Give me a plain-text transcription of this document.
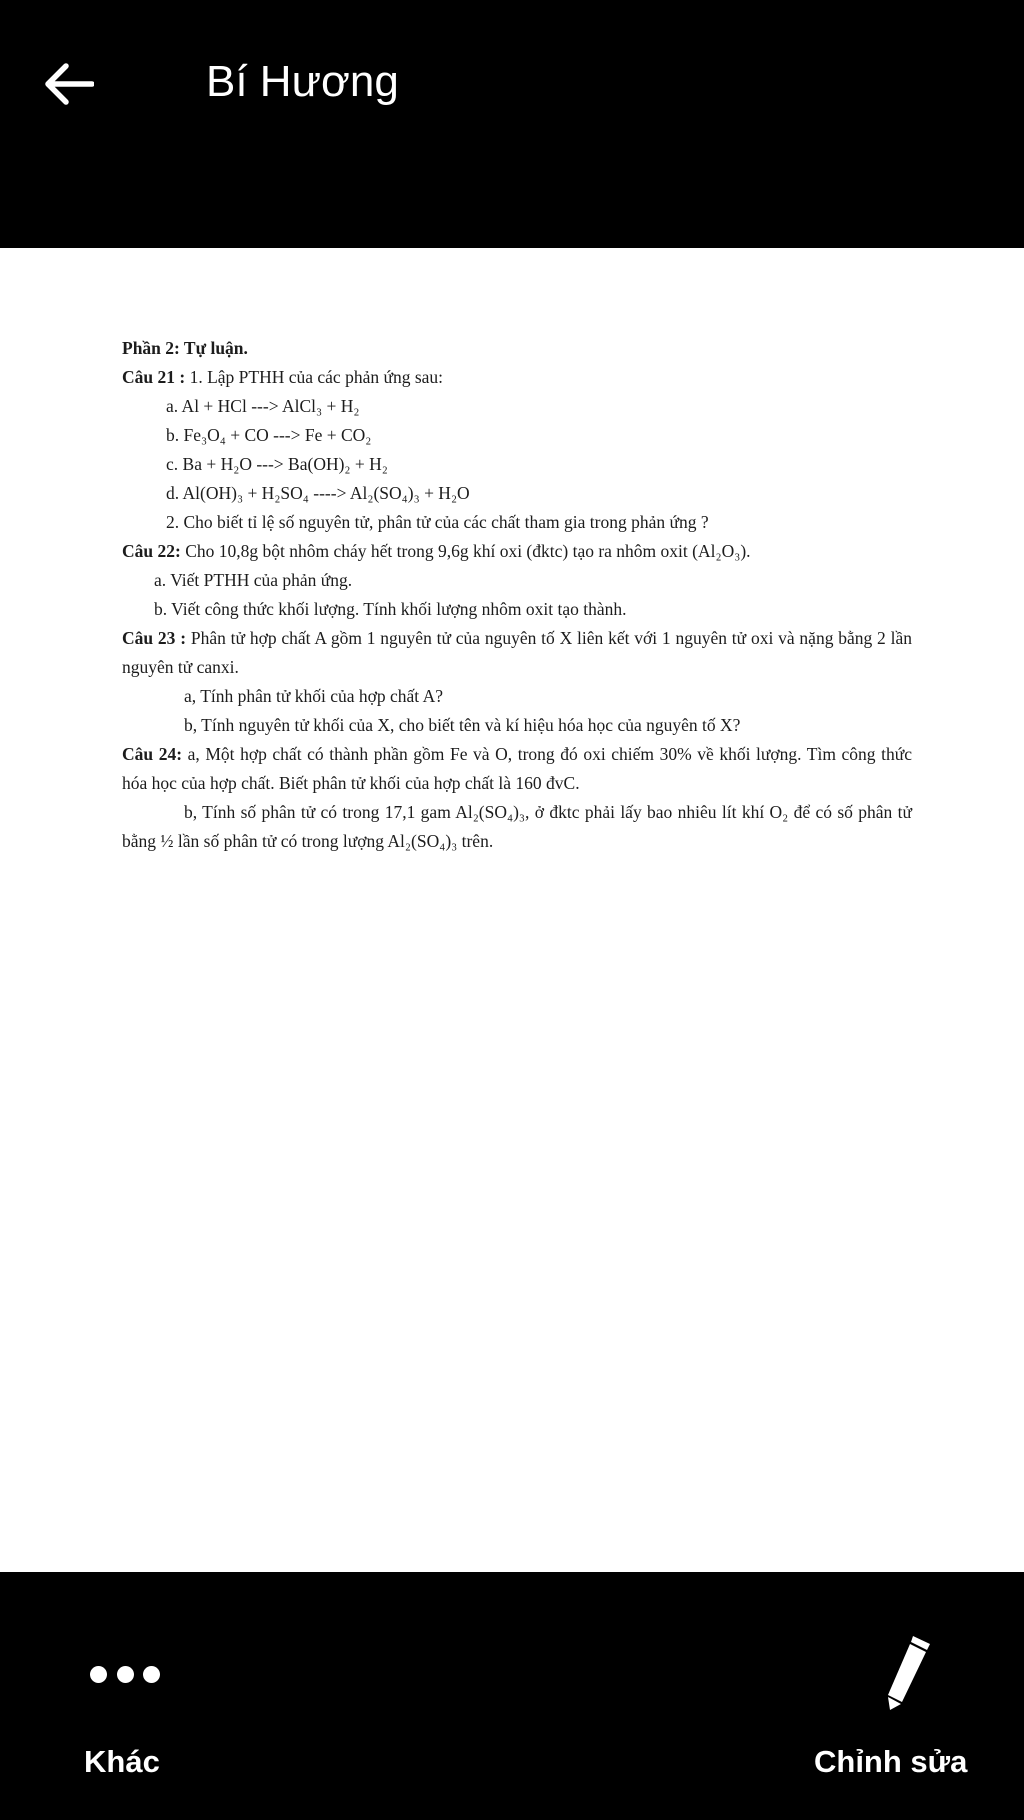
Bí Hương
Phần 2: Tự luận.
Câu 21 : 1. Lập PTHH của các phản ứng sau:
a. Al + HCl ---> AlCl₃ + H₂
b. Fe₃O₄ + CO ---> Fe + CO₂
c. Ba + H₂O ---> Ba(OH)₂ + H₂
d. Al(OH)₃ + H₂SO₄ ----> Al₂(SO₄)₃ + H₂O
2. Cho biết tỉ lệ số nguyên tử, phân tử của các chất tham gia trong phản ứng ?
Câu 22: Cho 10,8g bột nhôm cháy hết trong 9,6g khí oxi (đktc) tạo ra nhôm oxit (Al₂O₃).
a. Viết PTHH của phản ứng.
b. Viết công thức khối lượng. Tính khối lượng nhôm oxit tạo thành.
Câu 23 : Phân tử hợp chất A gồm 1 nguyên tử của nguyên tố X liên kết với 1 nguyên tử oxi và nặng bằng 2 lần nguyên tử canxi.
a, Tính phân tử khối của hợp chất A?
b, Tính nguyên tử khối của X, cho biết tên và kí hiệu hóa học của nguyên tố X?
Câu 24: a, Một hợp chất có thành phần gồm Fe và O, trong đó oxi chiếm 30% về khối lượng. Tìm công thức hóa học của hợp chất. Biết phân tử khối của hợp chất là 160 đvC.
b, Tính số phân tử có trong 17,1 gam Al₂(SO₄)₃, ở đktc phải lấy bao nhiêu lít khí O₂ để có số phân tử bằng ½ lần số phân tử có trong lượng Al₂(SO₄)₃ trên.
Khác	Chỉnh sửa
